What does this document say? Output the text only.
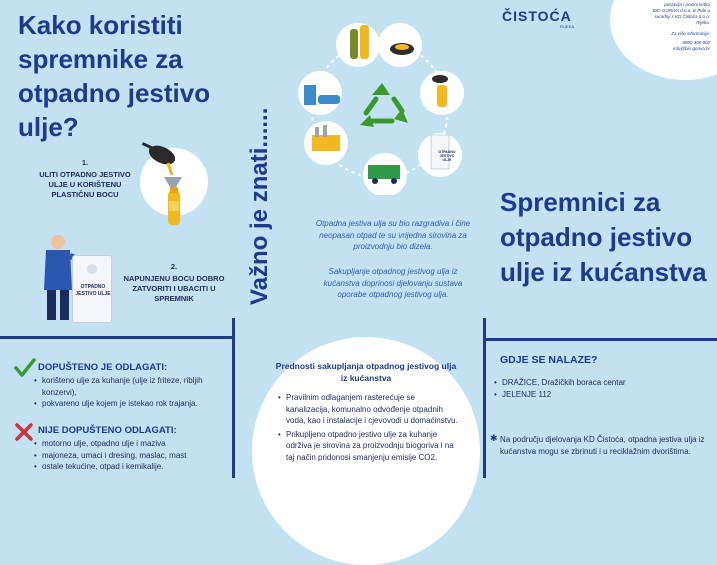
Kako koristiti spremnike za otpadno jestivo ulje?
1.
ULITI OTPADNO JESTIVO ULJE U KORIŠTENU PLASTIČNU BOCU
OTPADNO JESTIVO ULJE
2.
NAPUNJENU BOCU DOBRO ZATVORITI I UBACITI U SPREMNIK
DOPUŠTENO JE ODLAGATI:
• korišteno ulje za kuhanje (ulje iz friteze, ribljih konzervi),
• pokvareno ulje kojem je istekao rok trajanja.
NIJE DOPUŠTENO ODLAGATI:
• motorno ulje, otpadno ulje i maziva
• majoneza, umaci i dresing, maslac, mast
• ostale tekućine, otpad i kemikalije.
Važno je znati......	OTPADNO JESTIVO ULJE
Otpadna jestiva ulja su bio razgradiva i čine neopasan otpad te su vrijedna sirovina za proizvodnju bio dizela.
Sakupljanje otpadnog jestivog ulja iz kućanstva doprinosi djelovanju sustava oporabe otpadnog jestivog ulja.
Prednosti sakupljanja otpadnog jestivog ulja iz kućanstva
• Pravilnim odlaganjem rasterećuje se kanalizacija, komunalno odvođenje otpadnih voda, kao i instalacije i cjevovodi u domaćinstvu.
• Prikupljeno otpadno jestivo ulje za kuhanje održiva je sirovina za proizvodnju biogoriva i na taj način pridonosi smanjenju emisije CO2.
postavlja i prazni tvrtka
BIO-GORIVA d.o.o. iz Pule u
suradnji s KD Čistoća d.o.o.
Rijeka.
Za više informacija:
0800 300 002
info@bio-goriva.hr
ČISTOĆA
RIJEKA
Spremnici za otpadno jestivo ulje iz kućanstva
GDJE SE NALAZE?
• DRAŽICE, Dražičkih boraca centar
• JELENJE 112
✱ Na području djelovanja KD Čistoća, otpadna jestiva ulja iz kućanstva mogu se zbrinuti i u reciklažnim dvorištima.
